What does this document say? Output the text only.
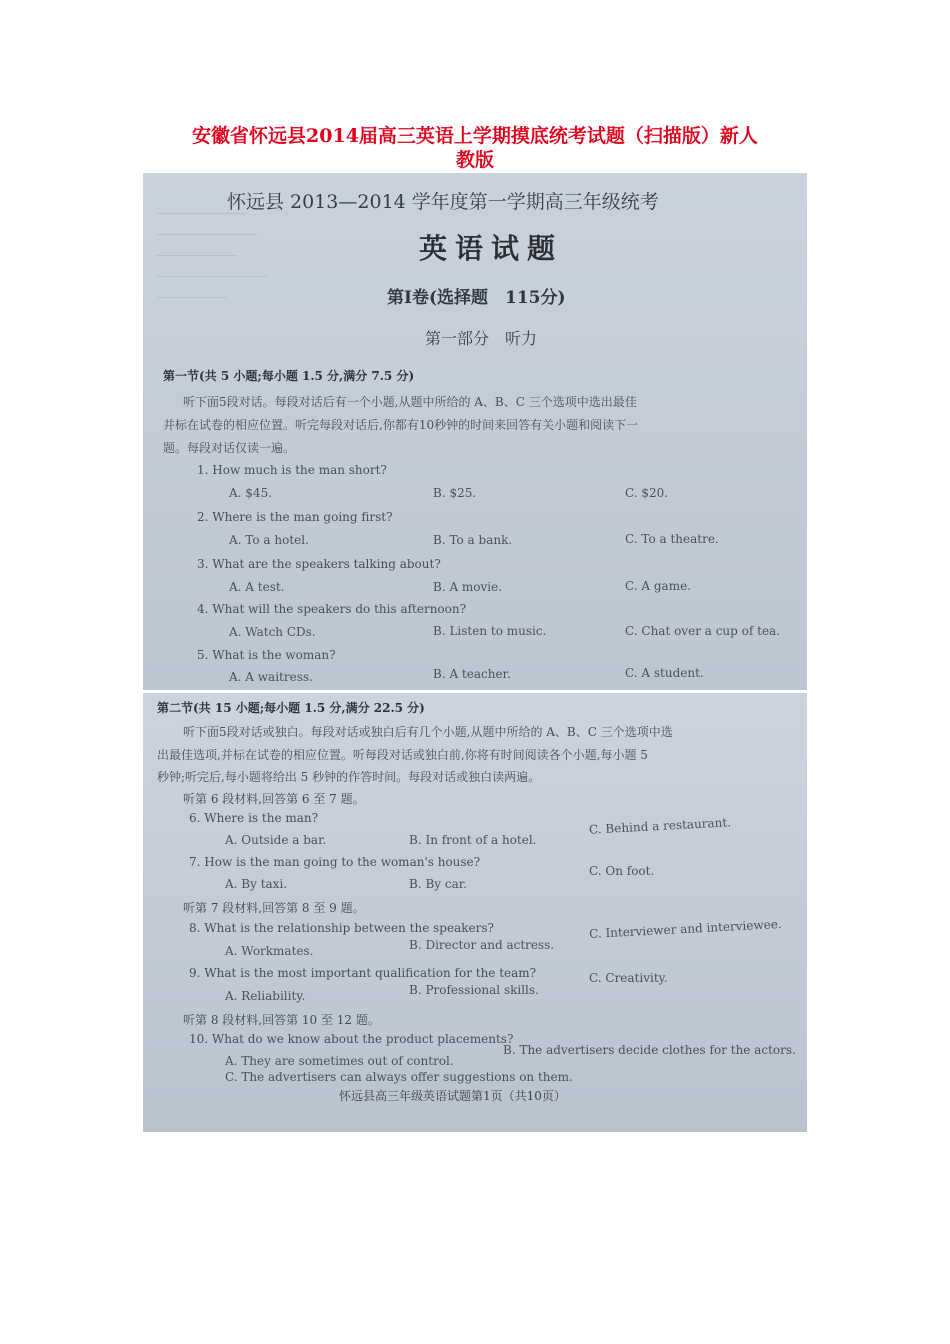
安徽省怀远县2014届高三英语上学期摸底统考试题（扫描版）新人
教版
怀远县 2013—2014 学年度第一学期高三年级统考
英语试题
第Ⅰ卷(选择题　115分)
第一部分　听力
第一节(共 5 小题;每小题 1.5 分,满分 7.5 分)
听下面5段对话。每段对话后有一个小题,从题中所给的 A、B、C 三个选项中选出最佳
并标在试卷的相应位置。听完每段对话后,你都有10秒钟的时间来回答有关小题和阅读下一
题。每段对话仅读一遍。
1. How much is the man short?
A. $45.	B. $25.	C. $20.
2. Where is the man going first?
A. To a hotel.	B. To a bank.	C. To a theatre.
3. What are the speakers talking about?
A. A test.	B. A movie.	C. A game.
4. What will the speakers do this afternoon?
A. Watch CDs.	B. Listen to music.	C. Chat over a cup of tea.
5. What is the woman?
A. A waitress.	B. A teacher.	C. A student.
第二节(共 15 小题;每小题 1.5 分,满分 22.5 分)
听下面5段对话或独白。每段对话或独白后有几个小题,从题中所给的 A、B、C 三个选项中选
出最佳选项,并标在试卷的相应位置。听每段对话或独白前,你将有时间阅读各个小题,每小题 5
秒钟;听完后,每小题将给出 5 秒钟的作答时间。每段对话或独白读两遍。
听第 6 段材料,回答第 6 至 7 题。
6. Where is the man?
A. Outside a bar.	B. In front of a hotel.
C. Behind a restaurant.
7. How is the man going to the woman's house?
A. By taxi.	B. By car.
C. On foot.
听第 7 段材料,回答第 8 至 9 题。
8. What is the relationship between the speakers?
A. Workmates.	B. Director and actress.
C. Interviewer and interviewee.
9. What is the most important qualification for the team?
A. Reliability.	B. Professional skills.
C. Creativity.
听第 8 段材料,回答第 10 至 12 题。
10. What do we know about the product placements?
A. They are sometimes out of control.
B. The advertisers decide clothes for the actors.
C. The advertisers can always offer suggestions on them.
怀远县高三年级英语试题第1页（共10页）
